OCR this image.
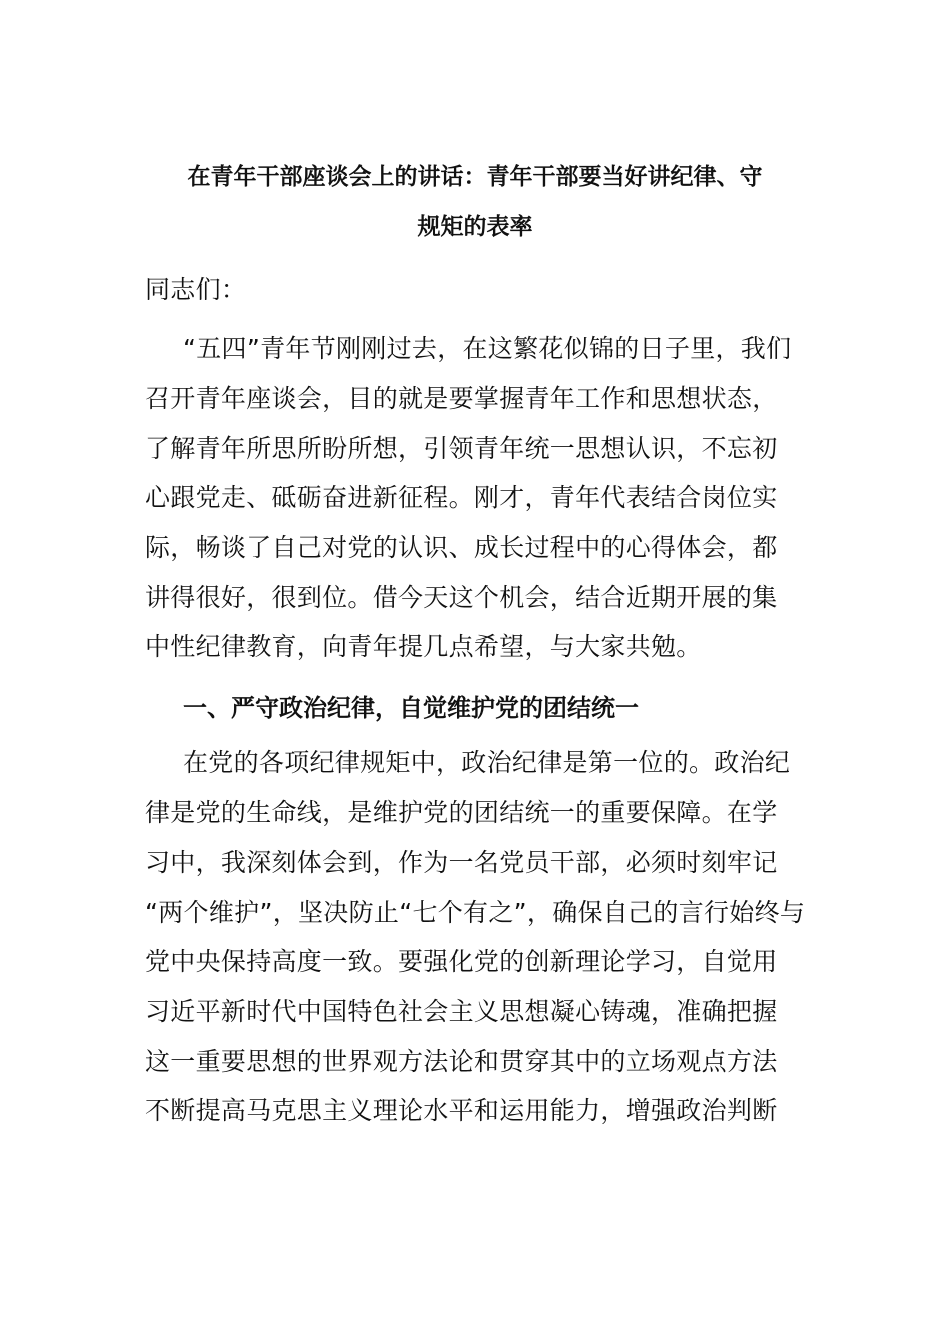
在青年干部座谈会上的讲话：青年干部要当好讲纪律、守
规矩的表率
同志们：
“五四”青年节刚刚过去，在这繁花似锦的日子里，我们
召开青年座谈会，目的就是要掌握青年工作和思想状态，
了解青年所思所盼所想，引领青年统一思想认识，不忘初
心跟党走、砥砺奋进新征程。刚才，青年代表结合岗位实
际，畅谈了自己对党的认识、成长过程中的心得体会，都
讲得很好，很到位。借今天这个机会，结合近期开展的集
中性纪律教育，向青年提几点希望，与大家共勉。
一、严守政治纪律，自觉维护党的团结统一
在党的各项纪律规矩中，政治纪律是第一位的。政治纪
律是党的生命线，是维护党的团结统一的重要保障。在学
习中，我深刻体会到，作为一名党员干部，必须时刻牢记
“两个维护”，坚决防止“七个有之”，确保自己的言行始终与
党中央保持高度一致。要强化党的创新理论学习，自觉用
习近平新时代中国特色社会主义思想凝心铸魂，准确把握
这一重要思想的世界观方法论和贯穿其中的立场观点方法
不断提高马克思主义理论水平和运用能力，增强政治判断
